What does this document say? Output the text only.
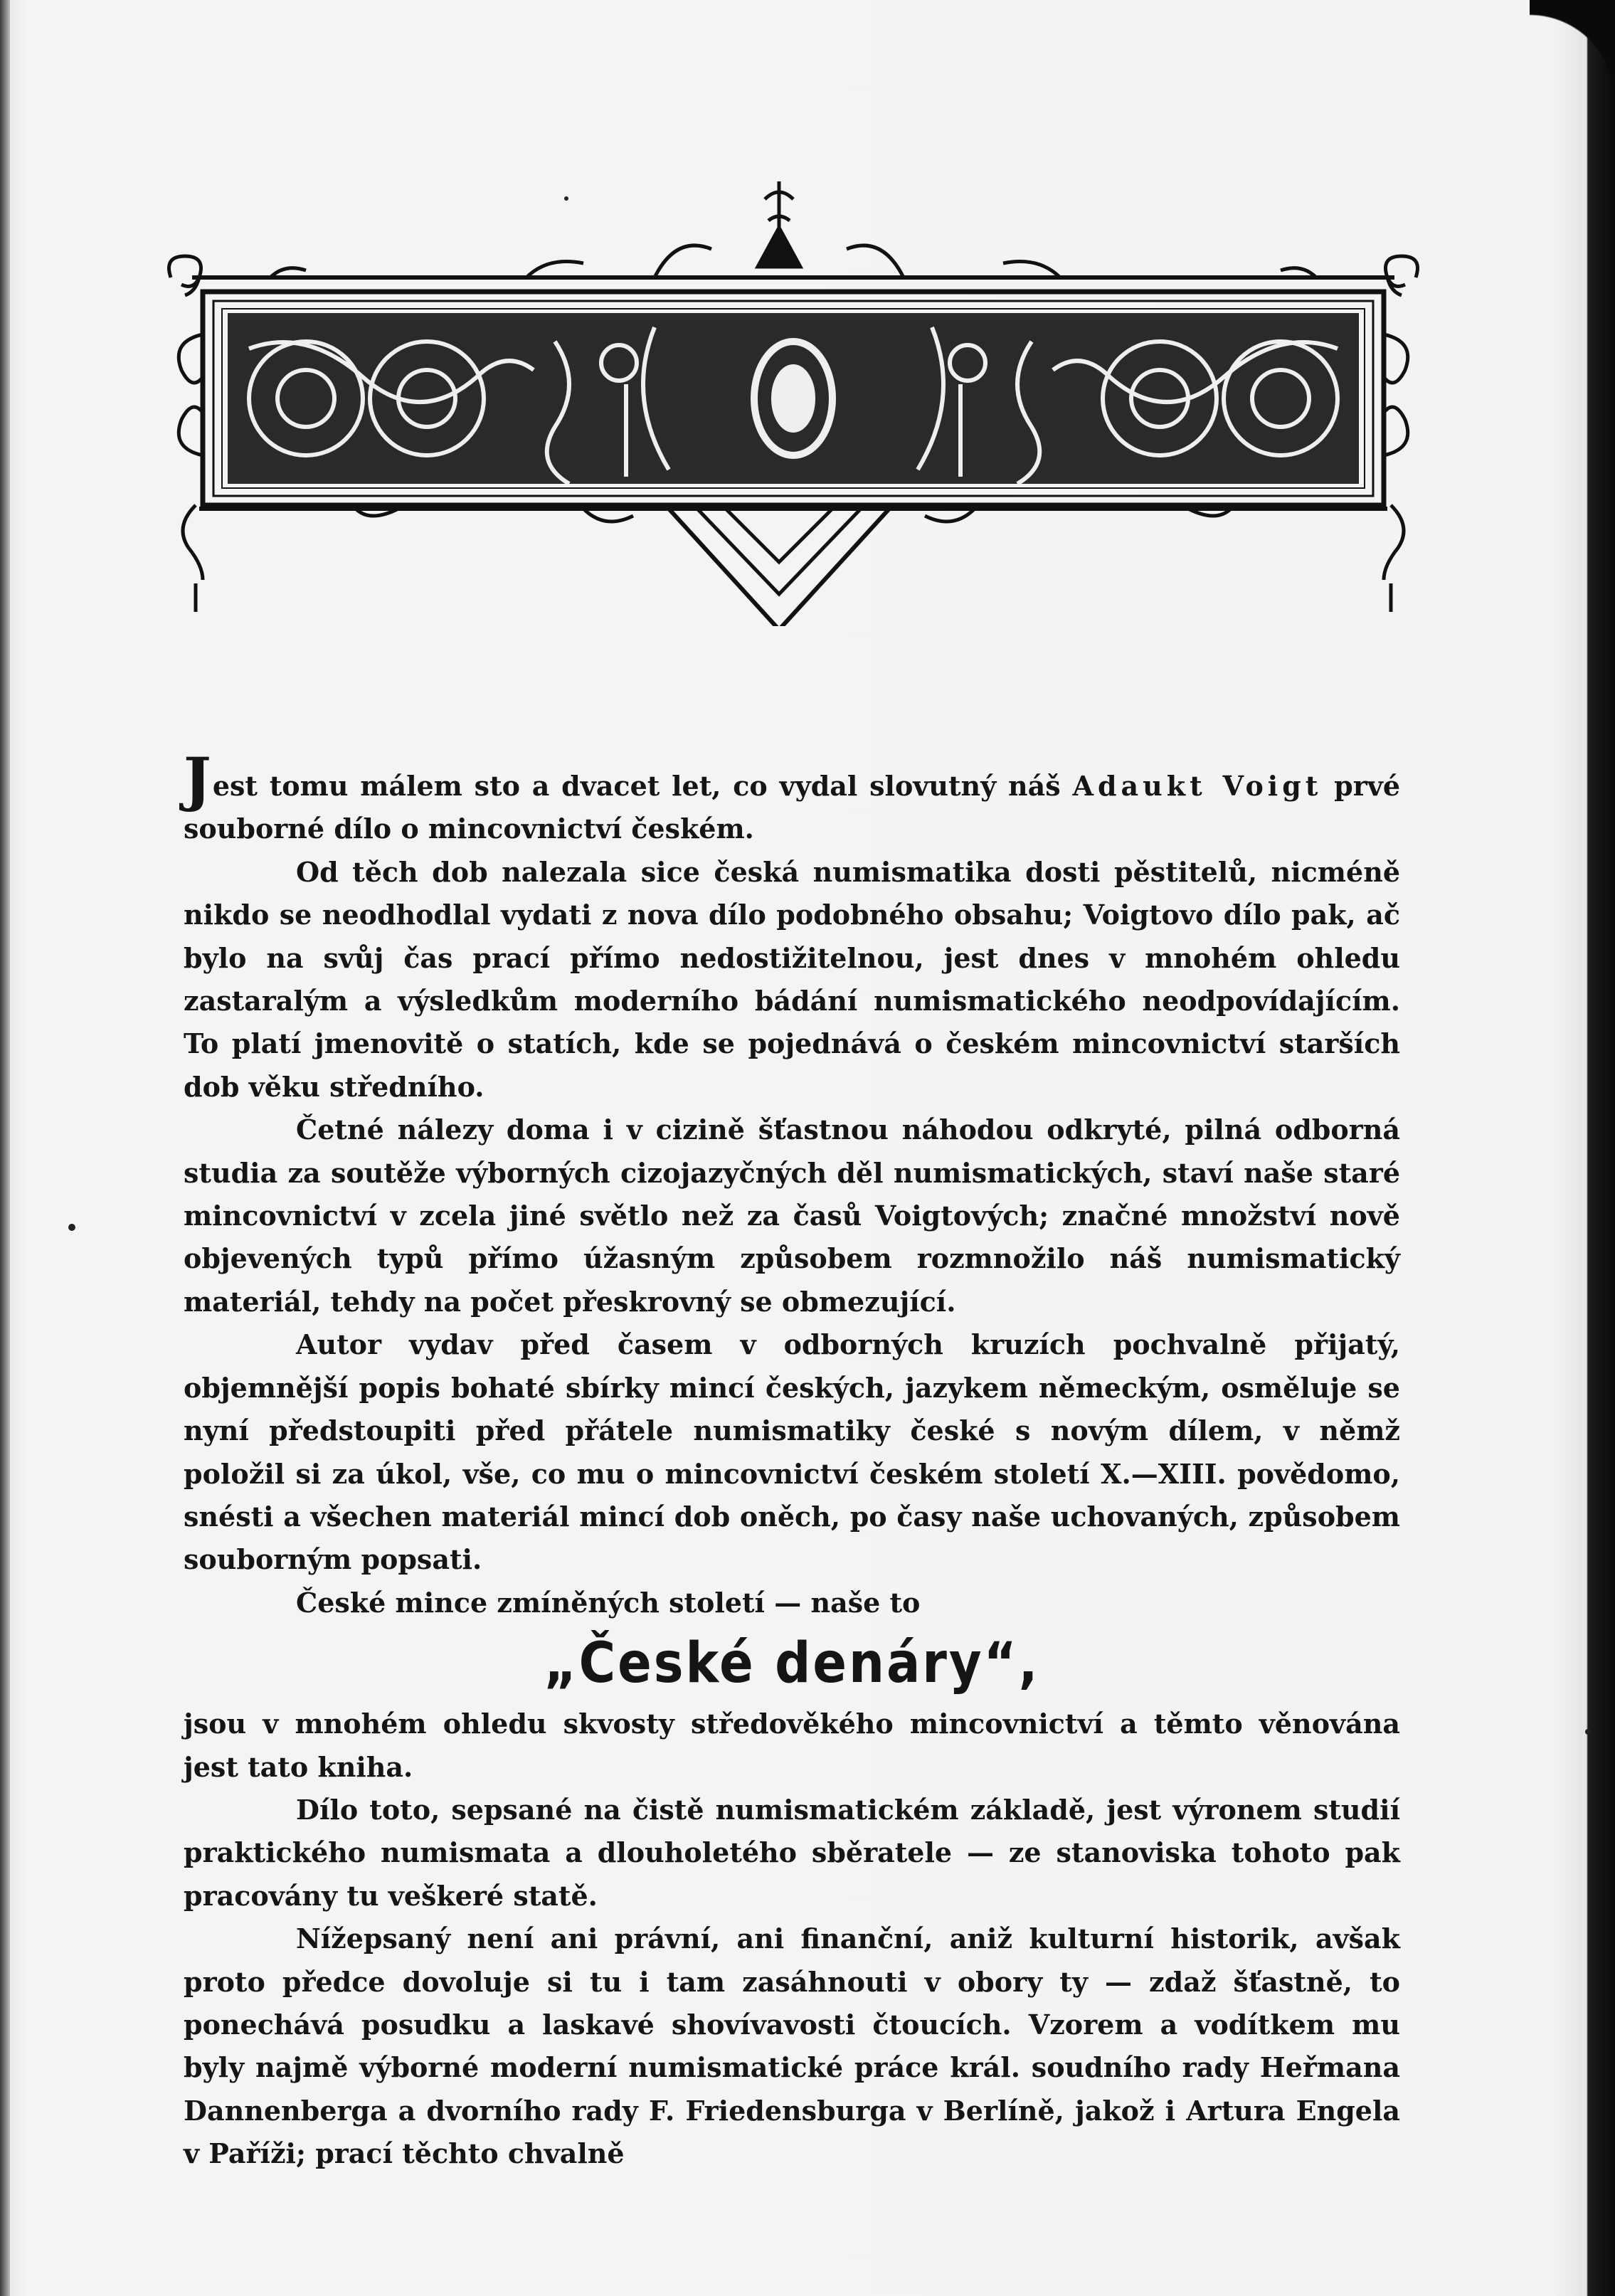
Jest tomu málem sto a dvacet let, co vydal slovutný náš Adaukt Voigt prvé souborné dílo o mincovnictví českém.

Od těch dob nalezala sice česká numismatika dosti pěstitelů, nicméně nikdo se neodhodlal vydati z nova dílo podobného obsahu; Voigtovo dílo pak, ač bylo na svůj čas prací přímo nedostižitelnou, jest dnes v mnohém ohledu zastaralým a výsledkům moderního bádání numismatického neodpovídajícím. To platí jmenovitě o statích, kde se pojednává o českém mincovnictví starších dob věku středního.

Četné nálezy doma i v cizině šťastnou náhodou odkryté, pilná odborná studia za soutěže výborných cizojazyčných děl numismatických, staví naše staré mincovnictví v zcela jiné světlo než za časů Voigtových; značné množství nově objevených typů přímo úžasným způsobem rozmnožilo náš numismatický materiál, tehdy na počet přeskrovný se obmezující.

Autor vydav před časem v odborných kruzích pochvalně přijatý, objemnější popis bohaté sbírky mincí českých, jazykem německým, osměluje se nyní předstoupiti před přátele numismatiky české s novým dílem, v němž položil si za úkol, vše, co mu o mincovnictví českém století X.—XIII. povědomo, snésti a všechen materiál mincí dob oněch, po časy naše uchovaných, způsobem souborným popsati.

České mince zmíněných století — naše to

„České denáry“,

jsou v mnohém ohledu skvosty středověkého mincovnictví a těmto věnována jest tato kniha.

Dílo toto, sepsané na čistě numismatickém základě, jest výronem studií praktického numismata a dlouholetého sběratele — ze stanoviska tohoto pak pracovány tu veškeré statě.

Nížepsaný není ani právní, ani finanční, aniž kulturní historik, avšak proto předce dovoluje si tu i tam zasáhnouti v obory ty — zdaž šťastně, to ponechává posudku a laskavé shovívavosti čtoucích. Vzorem a vodítkem mu byly najmě výborné moderní numismatické práce král. soudního rady Heřmana Dannenberga a dvorního rady F. Friedensburga v Berlíně, jakož i Artura Engela v Paříži; prací těchto chvalně
